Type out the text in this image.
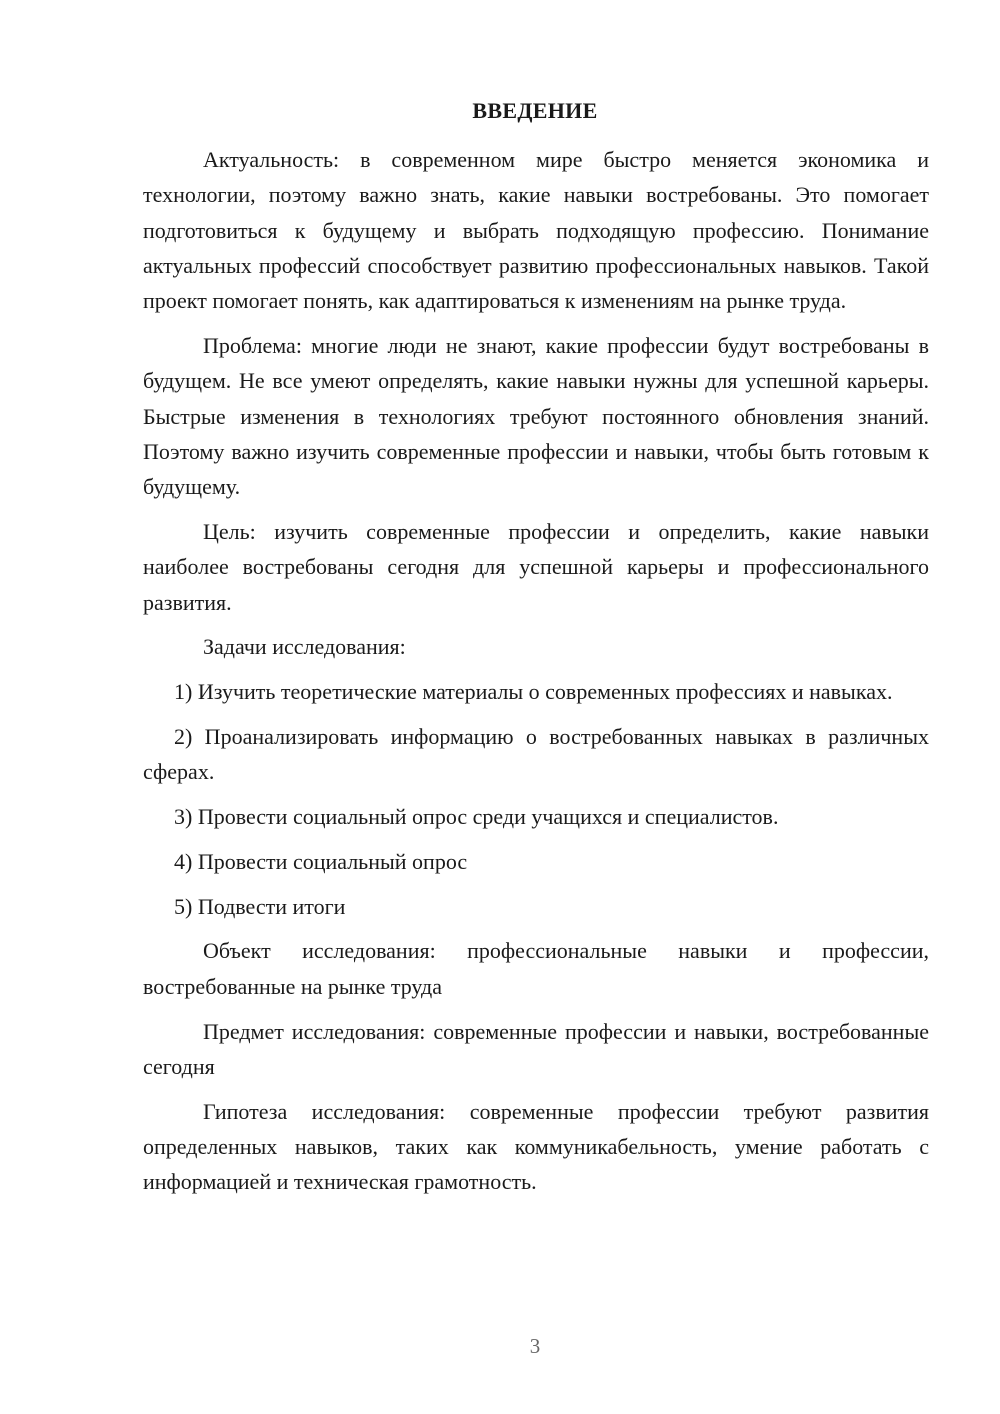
ВВЕДЕНИЕ

Актуальность: в современном мире быстро меняется экономика и технологии, поэтому важно знать, какие навыки востребованы. Это помогает подготовиться к будущему и выбрать подходящую профессию. Понимание актуальных профессий способствует развитию профессиональных навыков. Такой проект помогает понять, как адаптироваться к изменениям на рынке труда.

Проблема: многие люди не знают, какие профессии будут востребованы в будущем. Не все умеют определять, какие навыки нужны для успешной карьеры. Быстрые изменения в технологиях требуют постоянного обновления знаний. Поэтому важно изучить современные профессии и навыки, чтобы быть готовым к будущему.

Цель: изучить современные профессии и определить, какие навыки наиболее востребованы сегодня для успешной карьеры и профессионального развития.

Задачи исследования:

1) Изучить теоретические материалы о современных профессиях и навыках.

2) Проанализировать информацию о востребованных навыках в различных сферах.

3) Провести социальный опрос среди учащихся и специалистов.

4) Провести социальный опрос

5) Подвести итоги

Объект исследования: профессиональные навыки и профессии, востребованные на рынке труда

Предмет исследования: современные профессии и навыки, востребованные сегодня

Гипотеза исследования: современные профессии требуют развития определенных навыков, таких как коммуникабельность, умение работать с информацией и техническая грамотность.

3
